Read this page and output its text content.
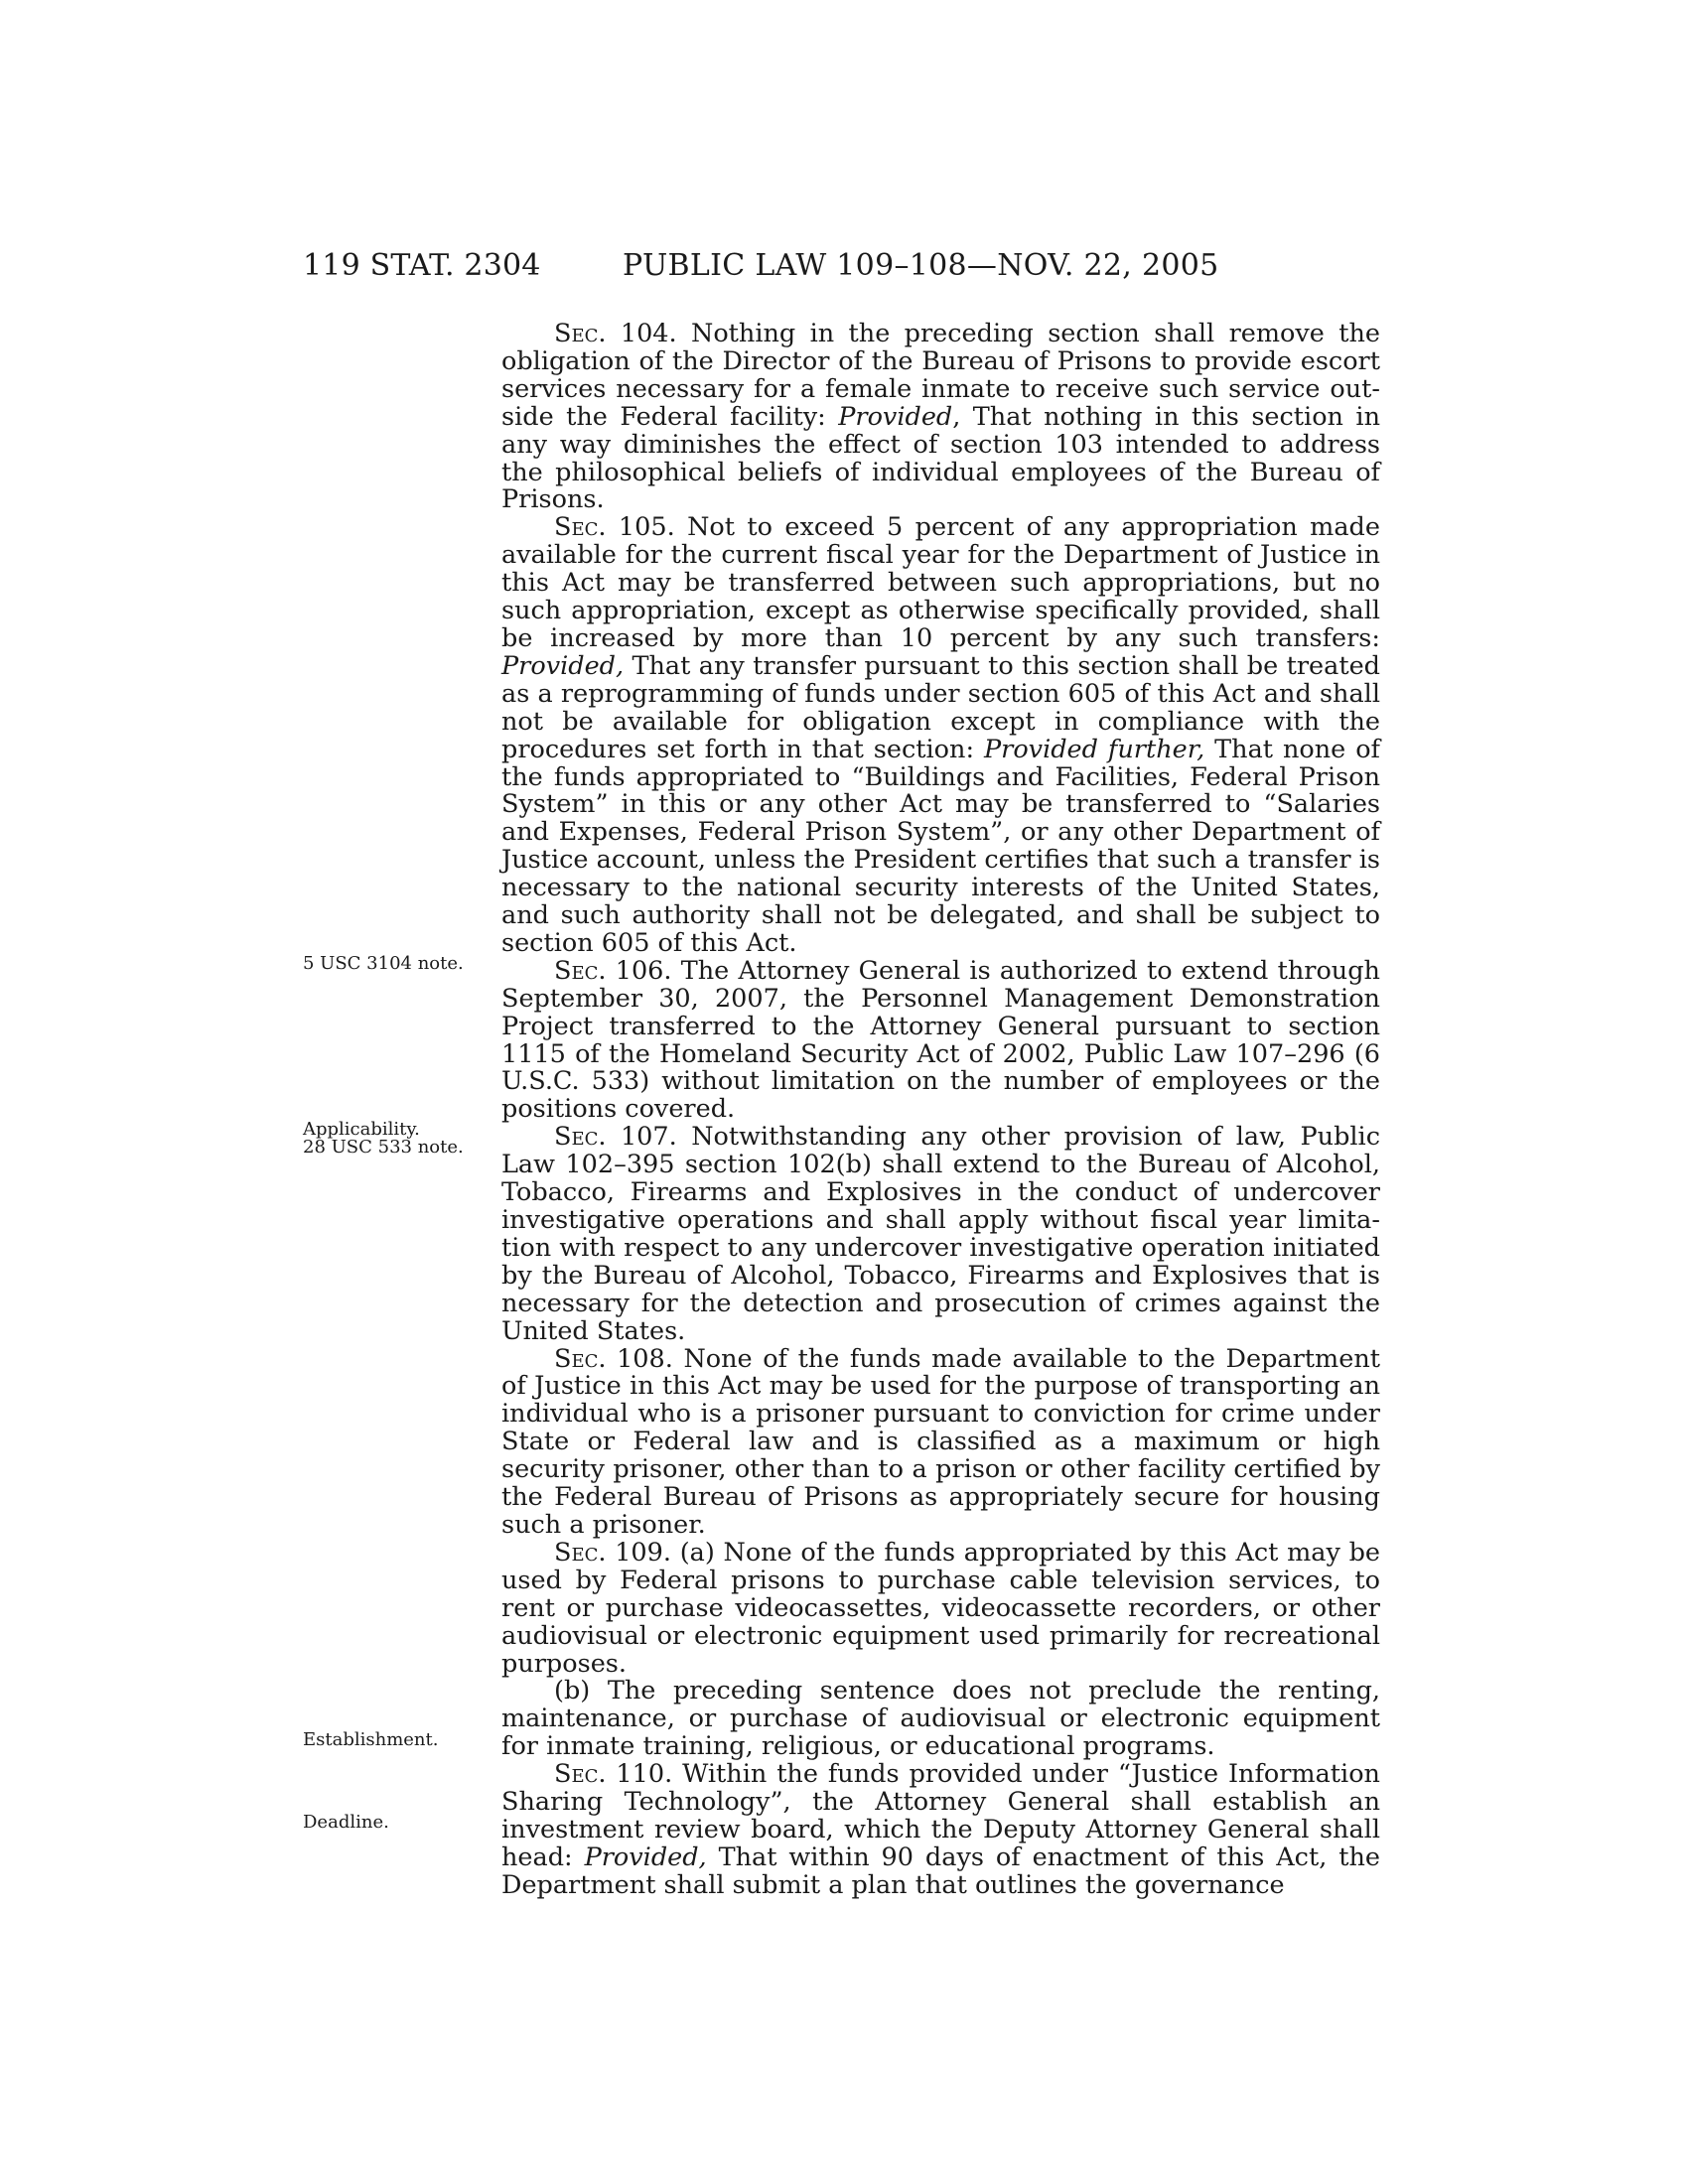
119 STAT. 2304	PUBLIC LAW 109–108—NOV. 22, 2005
5 USC 3104 note.
Applicability.
28 USC 533 note.
Establishment.
Deadline.

Sec. 104. Nothing in the preceding section shall remove the obligation of the Director of the Bureau of Prisons to provide escort services necessary for a female inmate to receive such service out-side the Federal facility: Provided, That nothing in this section in any way diminishes the effect of section 103 intended to address the philosophical beliefs of individual employees of the Bureau of Prisons.

Sec. 105. Not to exceed 5 percent of any appropriation made available for the current fiscal year for the Department of Justice in this Act may be transferred between such appropriations, but no such appropriation, except as otherwise specifically provided, shall be increased by more than 10 percent by any such transfers: Provided, That any transfer pursuant to this section shall be treated as a reprogramming of funds under section 605 of this Act and shall not be available for obligation except in compliance with the procedures set forth in that section: Provided further, That none of the funds appropriated to “Buildings and Facilities, Federal Prison System” in this or any other Act may be transferred to “Salaries and Expenses, Federal Prison System”, or any other Department of Justice account, unless the President certifies that such a transfer is necessary to the national security interests of the United States, and such authority shall not be delegated, and shall be subject to section 605 of this Act.

Sec. 106. The Attorney General is authorized to extend through September 30, 2007, the Personnel Management Demonstration Project transferred to the Attorney General pursuant to section 1115 of the Homeland Security Act of 2002, Public Law 107–296 (6 U.S.C. 533) without limitation on the number of employees or the positions covered.

Sec. 107. Notwithstanding any other provision of law, Public Law 102–395 section 102(b) shall extend to the Bureau of Alcohol, Tobacco, Firearms and Explosives in the conduct of undercover investigative operations and shall apply without fiscal year limita-tion with respect to any undercover investigative operation initiated by the Bureau of Alcohol, Tobacco, Firearms and Explosives that is necessary for the detection and prosecution of crimes against the United States.

Sec. 108. None of the funds made available to the Department of Justice in this Act may be used for the purpose of transporting an individual who is a prisoner pursuant to conviction for crime under State or Federal law and is classified as a maximum or high security prisoner, other than to a prison or other facility certified by the Federal Bureau of Prisons as appropriately secure for housing such a prisoner.

Sec. 109. (a) None of the funds appropriated by this Act may be used by Federal prisons to purchase cable television services, to rent or purchase videocassettes, videocassette recorders, or other audiovisual or electronic equipment used primarily for recreational purposes.

(b) The preceding sentence does not preclude the renting, maintenance, or purchase of audiovisual or electronic equipment for inmate training, religious, or educational programs.

Sec. 110. Within the funds provided under “Justice Information Sharing Technology”, the Attorney General shall establish an investment review board, which the Deputy Attorney General shall head: Provided, That within 90 days of enactment of this Act, the Department shall submit a plan that outlines the governance
